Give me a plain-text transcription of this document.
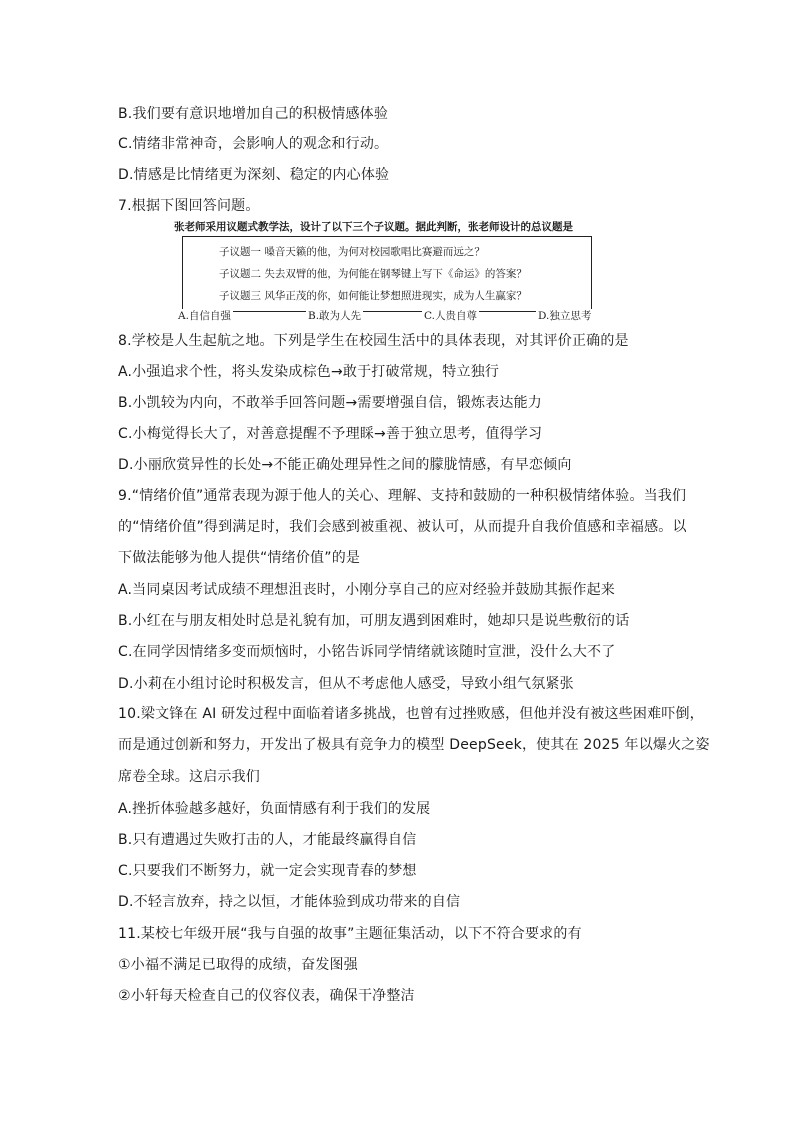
B.我们要有意识地增加自己的积极情感体验
C.情绪非常神奇，会影响人的观念和行动。
D.情感是比情绪更为深刻、稳定的内心体验
7.根据下图回答问题。
张老师采用议题式教学法，设计了以下三个子议题。据此判断，张老师设计的总议题是
子议题一 嗓音天籁的他，为何对校园歌唱比赛避而远之？
子议题二 失去双臂的他，为何能在钢琴键上写下《命运》的答案？
子议题三 风华正茂的你，如何能让梦想照进现实，成为人生赢家？
A.自信自强	B.敢为人先	C.人贵自尊	D.独立思考
8.学校是人生起航之地。下列是学生在校园生活中的具体表现，对其评价正确的是
A.小强追求个性，将头发染成棕色→敢于打破常规，特立独行
B.小凯较为内向，不敢举手回答问题→需要增强自信，锻炼表达能力
C.小梅觉得长大了，对善意提醒不予理睬→善于独立思考，值得学习
D.小丽欣赏异性的长处→不能正确处理异性之间的朦胧情感，有早恋倾向
9.“情绪价值”通常表现为源于他人的关心、理解、支持和鼓励的一种积极情绪体验。当我们
的“情绪价值”得到满足时，我们会感到被重视、被认可，从而提升自我价值感和幸福感。以
下做法能够为他人提供“情绪价值”的是
A.当同桌因考试成绩不理想沮丧时，小刚分享自己的应对经验并鼓励其振作起来
B.小红在与朋友相处时总是礼貌有加，可朋友遇到困难时，她却只是说些敷衍的话
C.在同学因情绪多变而烦恼时，小铭告诉同学情绪就该随时宣泄，没什么大不了
D.小莉在小组讨论时积极发言，但从不考虑他人感受，导致小组气氛紧张
10.梁文锋在 AI 研发过程中面临着诸多挑战，也曾有过挫败感，但他并没有被这些困难吓倒，
而是通过创新和努力，开发出了极具有竞争力的模型 DeepSeek，使其在 2025 年以爆火之姿
席卷全球。这启示我们
A.挫折体验越多越好，负面情感有利于我们的发展
B.只有遭遇过失败打击的人，才能最终赢得自信
C.只要我们不断努力，就一定会实现青春的梦想
D.不轻言放弃，持之以恒，才能体验到成功带来的自信
11.某校七年级开展“我与自强的故事”主题征集活动，以下不符合要求的有
①小福不满足已取得的成绩，奋发图强
②小轩每天检查自己的仪容仪表，确保干净整洁
